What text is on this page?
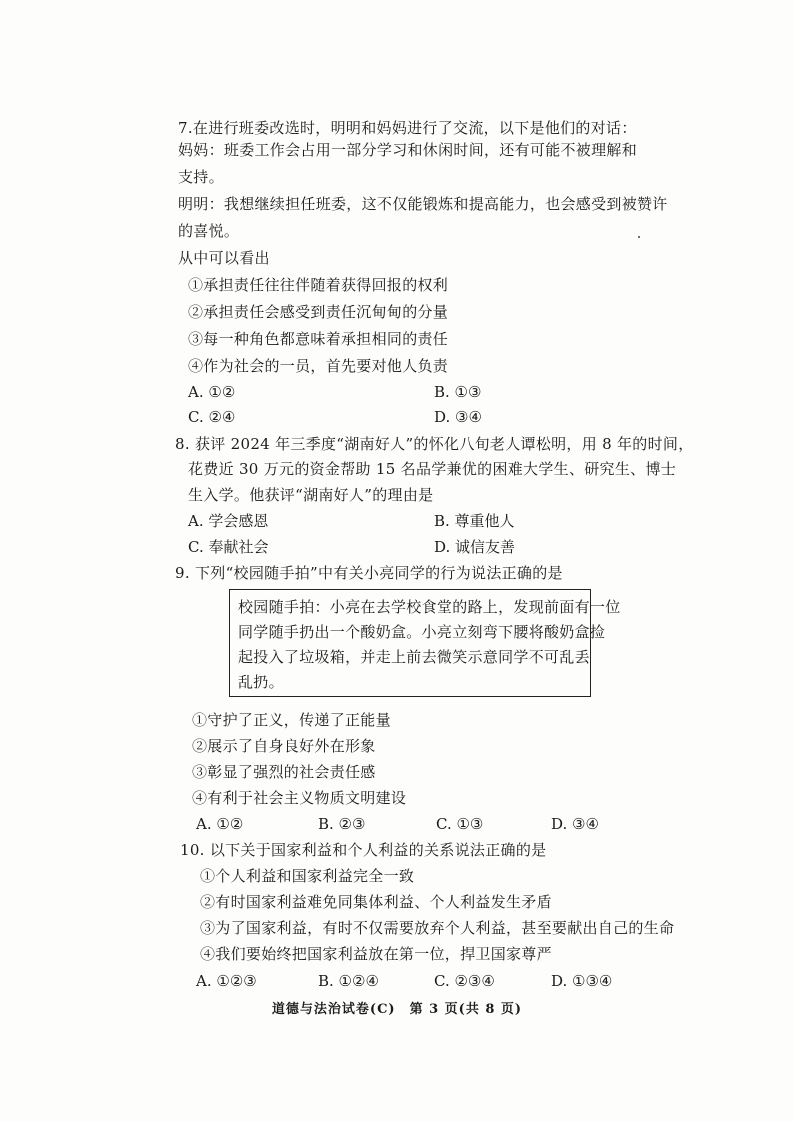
7.在进行班委改选时，明明和妈妈进行了交流，以下是他们的对话：
妈妈：班委工作会占用一部分学习和休闲时间，还有可能不被理解和
支持。
明明：我想继续担任班委，这不仅能锻炼和提高能力，也会感受到被赞许
的喜悦。
从中可以看出
①承担责任往往伴随着获得回报的权利
②承担责任会感受到责任沉甸甸的分量
③每一种角色都意味着承担相同的责任
④作为社会的一员，首先要对他人负责
A. ①②	B. ①③
C. ②④	D. ③④
8. 获评 2024 年三季度“湖南好人”的怀化八旬老人谭松明，用 8 年的时间，
花费近 30 万元的资金帮助 15 名品学兼优的困难大学生、研究生、博士
生入学。他获评“湖南好人”的理由是
A. 学会感恩	B. 尊重他人
C. 奉献社会	D. 诚信友善
9. 下列“校园随手拍”中有关小亮同学的行为说法正确的是
校园随手拍：小亮在去学校食堂的路上，发现前面有一位
同学随手扔出一个酸奶盒。小亮立刻弯下腰将酸奶盒捡
起投入了垃圾箱，并走上前去微笑示意同学不可乱丢
乱扔。
①守护了正义，传递了正能量
②展示了自身良好外在形象
③彰显了强烈的社会责任感
④有利于社会主义物质文明建设
A. ①②	B. ②③	C. ①③	D. ③④
10. 以下关于国家利益和个人利益的关系说法正确的是
①个人利益和国家利益完全一致
②有时国家利益难免同集体利益、个人利益发生矛盾
③为了国家利益，有时不仅需要放弃个人利益，甚至要献出自己的生命
④我们要始终把国家利益放在第一位，捍卫国家尊严
A. ①②③	B. ①②④	C. ②③④	D. ①③④
道德与法治试卷(C)　第 3 页(共 8 页)
